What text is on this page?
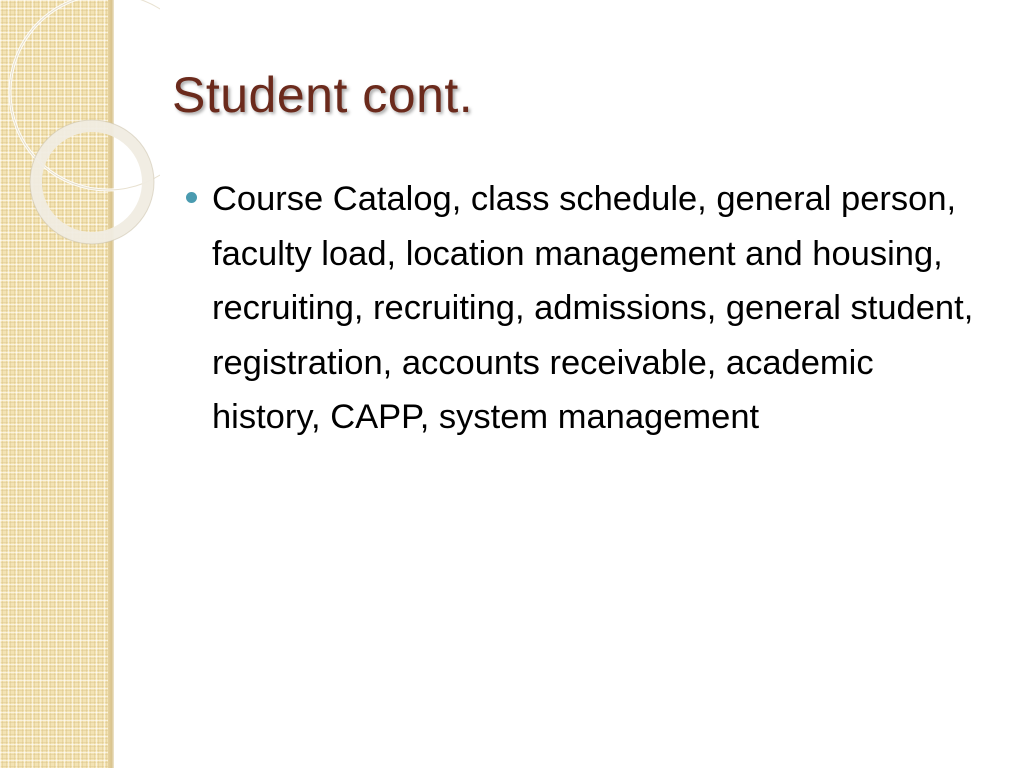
Student cont.
Course Catalog, class schedule, general person, faculty load, location management and housing, recruiting, recruiting, admissions, general student, registration, accounts receivable, academic history, CAPP, system management
